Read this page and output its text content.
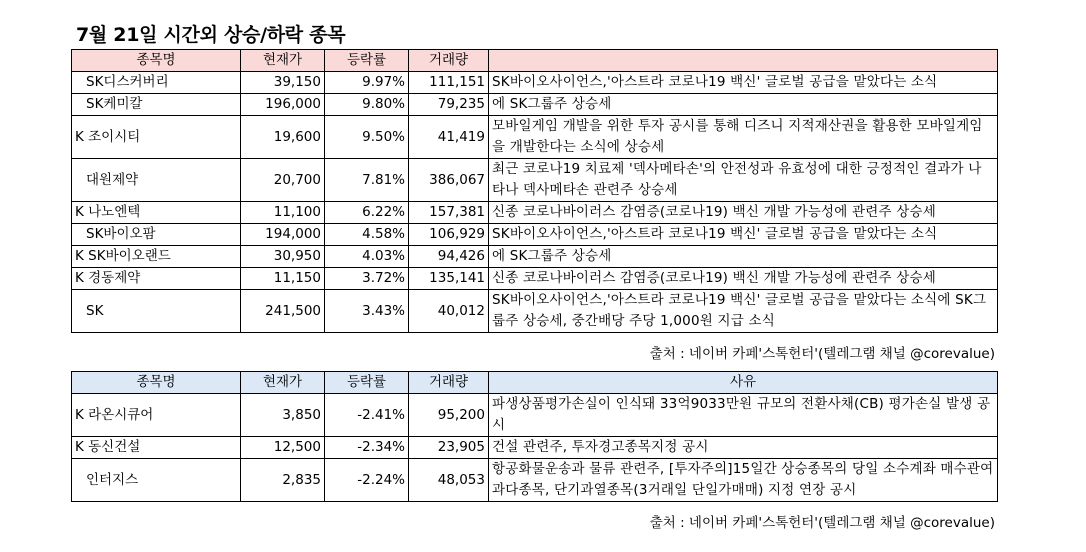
7월 21일 시간외 상승/하락 종목
종목명	현재가	등락률	거래량	
SK디스커버리	39,150	9.97%	111,151	SK바이오사이언스,'아스트라 코로나19 백신' 글로벌 공급을 맡았다는 소식
SK케미칼	196,000	9.80%	79,235	에 SK그룹주 상승세
K 조이시티	19,600	9.50%	41,419	모바일게임 개발을 위한 투자 공시를 통해 디즈니 지적재산권을 활용한 모바일게임을 개발한다는 소식에 상승세
대원제약	20,700	7.81%	386,067	최근 코로나19 치료제 '덱사메타손'의 안전성과 유효성에 대한 긍정적인 결과가 나타나 덱사메타손 관련주 상승세
K 나노엔텍	11,100	6.22%	157,381	신종 코로나바이러스 감염증(코로나19) 백신 개발 가능성에 관련주 상승세
SK바이오팜	194,000	4.58%	106,929	SK바이오사이언스,'아스트라 코로나19 백신' 글로벌 공급을 맡았다는 소식
K SK바이오랜드	30,950	4.03%	94,426	에 SK그룹주 상승세
K 경동제약	11,150	3.72%	135,141	신종 코로나바이러스 감염증(코로나19) 백신 개발 가능성에 관련주 상승세
SK	241,500	3.43%	40,012	SK바이오사이언스,'아스트라 코로나19 백신' 글로벌 공급을 맡았다는 소식에 SK그룹주 상승세, 중간배당 주당 1,000원 지급 소식
출처 : 네이버 카페'스톡헌터'(텔레그램 채널 @corevalue)
종목명	현재가	등락률	거래량	사유
K 라온시큐어	3,850	-2.41%	95,200	파생상품평가손실이 인식돼 33억9033만원 규모의 전환사채(CB) 평가손실 발생 공시
K 동신건설	12,500	-2.34%	23,905	건설 관련주, 투자경고종목지정 공시
인터지스	2,835	-2.24%	48,053	항공화물운송과 물류 관련주, [투자주의]15일간 상승종목의 당일 소수계좌 매수관여 과다종목, 단기과열종목(3거래일 단일가매매) 지정 연장 공시
출처 : 네이버 카페'스톡헌터'(텔레그램 채널 @corevalue)
